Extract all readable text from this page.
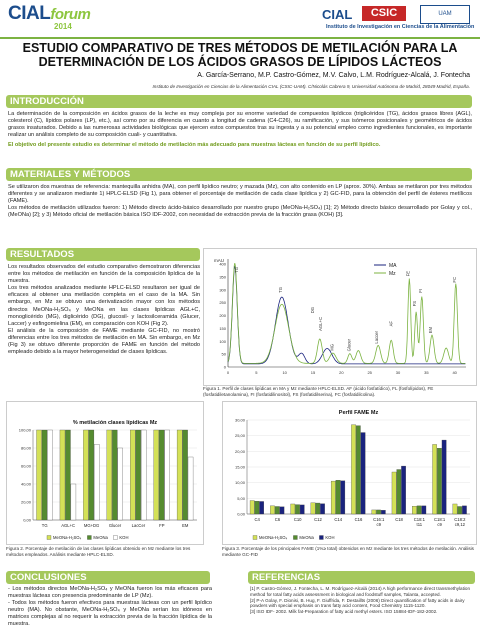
CIALforum
2014
CIAL	CSIC	UAM
Instituto de Investigación en Ciencias de la Alimentación
ESTUDIO COMPARATIVO DE TRES MÉTODOS DE METILACIÓN PARA LA
DETERMINACIÓN DE LOS ÁCIDOS GRASOS DE LÍPIDOS LÁCTEOS
A. García-Serrano, M.P. Castro-Gómez, M.V. Calvo, L.M. Rodríguez-Alcalá, J. Fontecha
Instituto de Investigación en Ciencias de la Alimentación CIAL (CSIC-UAM). C/Nicolás Cabrera 9, Universidad Autónoma de Madrid, 28049 Madrid, España.
INTRODUCCIÓN
La determinación de la composición en ácidos grasos de la leche es muy compleja por su enorme variedad de compuestos lipídicos (triglicéridos (TG), ácidos grasos libres (AGL), colesterol (C), lípidos polares (LP), etc.), así como por su diferencia en cuanto a longitud de cadena (C4-C26), su ramificación, y sus isómeros posicionales y geométricos de ácidos grasos insaturados. Debido a las numerosas actividades biológicas que ejercen estos compuestos tras su ingesta y a su potencial empleo como ingredientes funcionales, es importante realizar un análisis completo de su composición cuali- y cuantitativa.
El objetivo del presente estudio es determinar el método de metilación más adecuado para muestras lácteas en función de su perfil lipídico.
MATERIALES Y MÉTODOS
Se utilizaron dos muestras de referencia: mantequilla anhidra (MA), con perfil lipídico neutro; y mazada (Mz), con alto contenido en LP (aprox. 30%). Ambas se metilaron por tres métodos diferentes y se analizaron mediante 1) HPLC-ELSD (Fig 1), para obtener el porcentaje de metilación de cada clase lipídica y 2) GC-FID, para la obtención del perfil de ésteres metílicos (FAME).
Los métodos de metilación utilizados fueron: 1) Método directo ácido-básico desarrollado por nuestro grupo (MeONa-H₂SO₄) [1]; 2) Método directo básico desarrollado por Golay y col., (MeONa) [2]; y 3) Método oficial de metilación básica ISO IDF-2002, con necesidad de extracción previa de la fracción grasa (KOH) [3].
RESULTADOS
Los resultados observados del estudio comparativo demostraron diferencias entre los métodos de metilación en función de la composición lipídica de la muestra.
Los tres métodos analizados mediante HPLC-ELSD resultaron ser igual de eficaces al obtener una metilación completa en el caso de la MA. Sin embargo, en Mz se obtuvo una derivatización mayor con los métodos directos MeONa-H₂SO₄ y MeONa en las clases lipídicas AGL+C, monoglicérido (MG), diglicérido (DG), glucosil- y lactosilceramida (Glucer, Laccer) y esfingomielina (EM), en comparación con KOH (Fig 2).
El análisis de la composición de FAME mediante GC-FID, no mostró diferencias entre los tres métodos de metilación en MA. Sin embargo, en Mz (Fig 3) se obtuvo diferente proporción de FAME en función del método empleado debido a la mayor heterogeneidad de clases lipídicas.
mAU
0
50
100
150
200
250
300
350
400
0	5	10	15	20	25	30	35	40
MA
Mz
TG
TG
DG
AGL+C
MG	Glucer
Laccer
AF
FE
FS
FI
EM
FC
Figura 1. Perfil de clases lipídicas en MA y Mz mediante HPLC-ELSD. AF (ácido fosfatídico), FL (fosfolípidos), FE (fosfatidiletanolamina), FI (fosfatidilinositol), FS (fosfatidilserina), FC (fosfatidilcolina).
% metilación clases lípidicas Mz
0,00
20,00
40,00
60,00
80,00
100,00
TG	AGL+C MG+DG Glucer	LacCer	FP	EM
MeONa-H₂SO₄	MeONa	KOH
Figura 2. Porcentaje de metilación de las clases lipídicas obtenido en Mz mediante los tres métodos empleados. Análisis mediante HPLC-ELSD.
Perfil FAME Mz
0,00
5,00
10,00
15,00
20,00
25,00
30,00
C4	C6	C10	C12	C14	C16	C16:1
c9
C18	C18:1
t11
C18:1
c9
C18:2
c9,12
MeONa-H₂SO₄	MeONa	KOH
Figura 3. Porcentaje de los principales FAME (1%≥ total) obtenidos en Mz mediante los tres métodos de metilación. Análisis mediante GC-FID
CONCLUSIONES
- Los métodos directos MeONa-H₂SO₄ y MeONa fueron los más eficaces para muestras lácteas con presencia predominante de LP (Mz).
- Todos los métodos fueron efectivos para muestras lácteas con un perfil lipídico neutro (MA). No obstante, MeONa-H₂SO₄ y MeONa serían los idóneos en matrices complejas al no requerir la extracción previa de la fracción lipídica de la muestra.
REFERENCIAS
[1] P. Castro-Gómez, J. Fontecha, L. M. Rodríguez-Alcalá (2014) A high performance direct transmethylation method for total fatty acids assessment in biological and foodstuff samples, Talanta, accepted.
[2] P-A Golay, F. Dionisi, B. Hug, F. Giuffrida, F. Destaillts (2006) Direct quantification of fatty acids in dairy powders with special emphasis on trans fatty acid content, Food Chemistry 1115-1120.
[3] ISO IDF- 2002. Milk fat-Preparation of fatty acid methyl esters. ISO 15884-IDF-182-2002.
